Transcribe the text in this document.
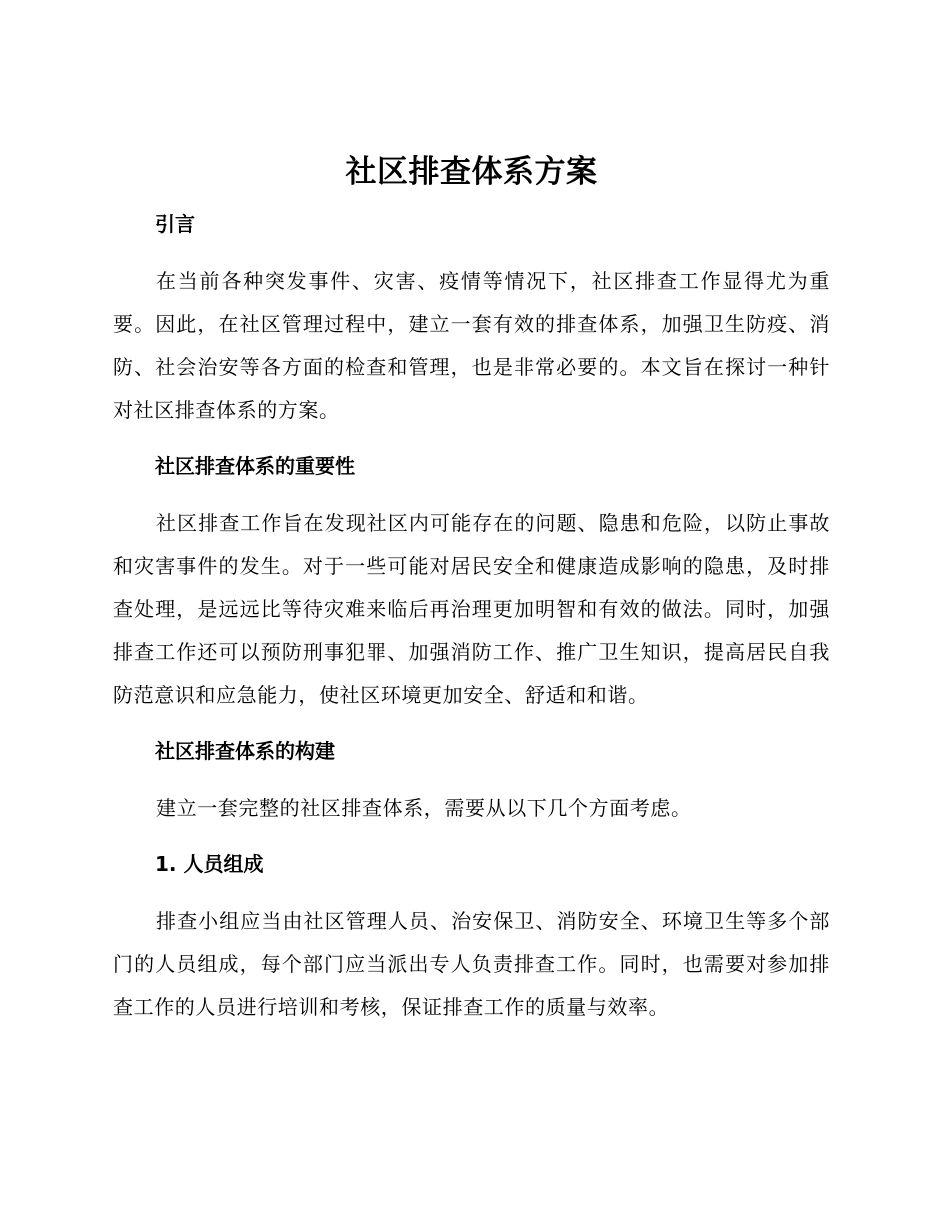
社区排查体系方案
引言

在当前各种突发事件、灾害、疫情等情况下，社区排查工作显得尤为重要。因此，在社区管理过程中，建立一套有效的排查体系，加强卫生防疫、消防、社会治安等各方面的检查和管理，也是非常必要的。本文旨在探讨一种针对社区排查体系的方案。

社区排查体系的重要性

社区排查工作旨在发现社区内可能存在的问题、隐患和危险，以防止事故和灾害事件的发生。对于一些可能对居民安全和健康造成影响的隐患，及时排查处理，是远远比等待灾难来临后再治理更加明智和有效的做法。同时，加强排查工作还可以预防刑事犯罪、加强消防工作、推广卫生知识，提高居民自我防范意识和应急能力，使社区环境更加安全、舒适和和谐。

社区排查体系的构建

建立一套完整的社区排查体系，需要从以下几个方面考虑。

1. 人员组成

排查小组应当由社区管理人员、治安保卫、消防安全、环境卫生等多个部门的人员组成，每个部门应当派出专人负责排查工作。同时，也需要对参加排查工作的人员进行培训和考核，保证排查工作的质量与效率。
